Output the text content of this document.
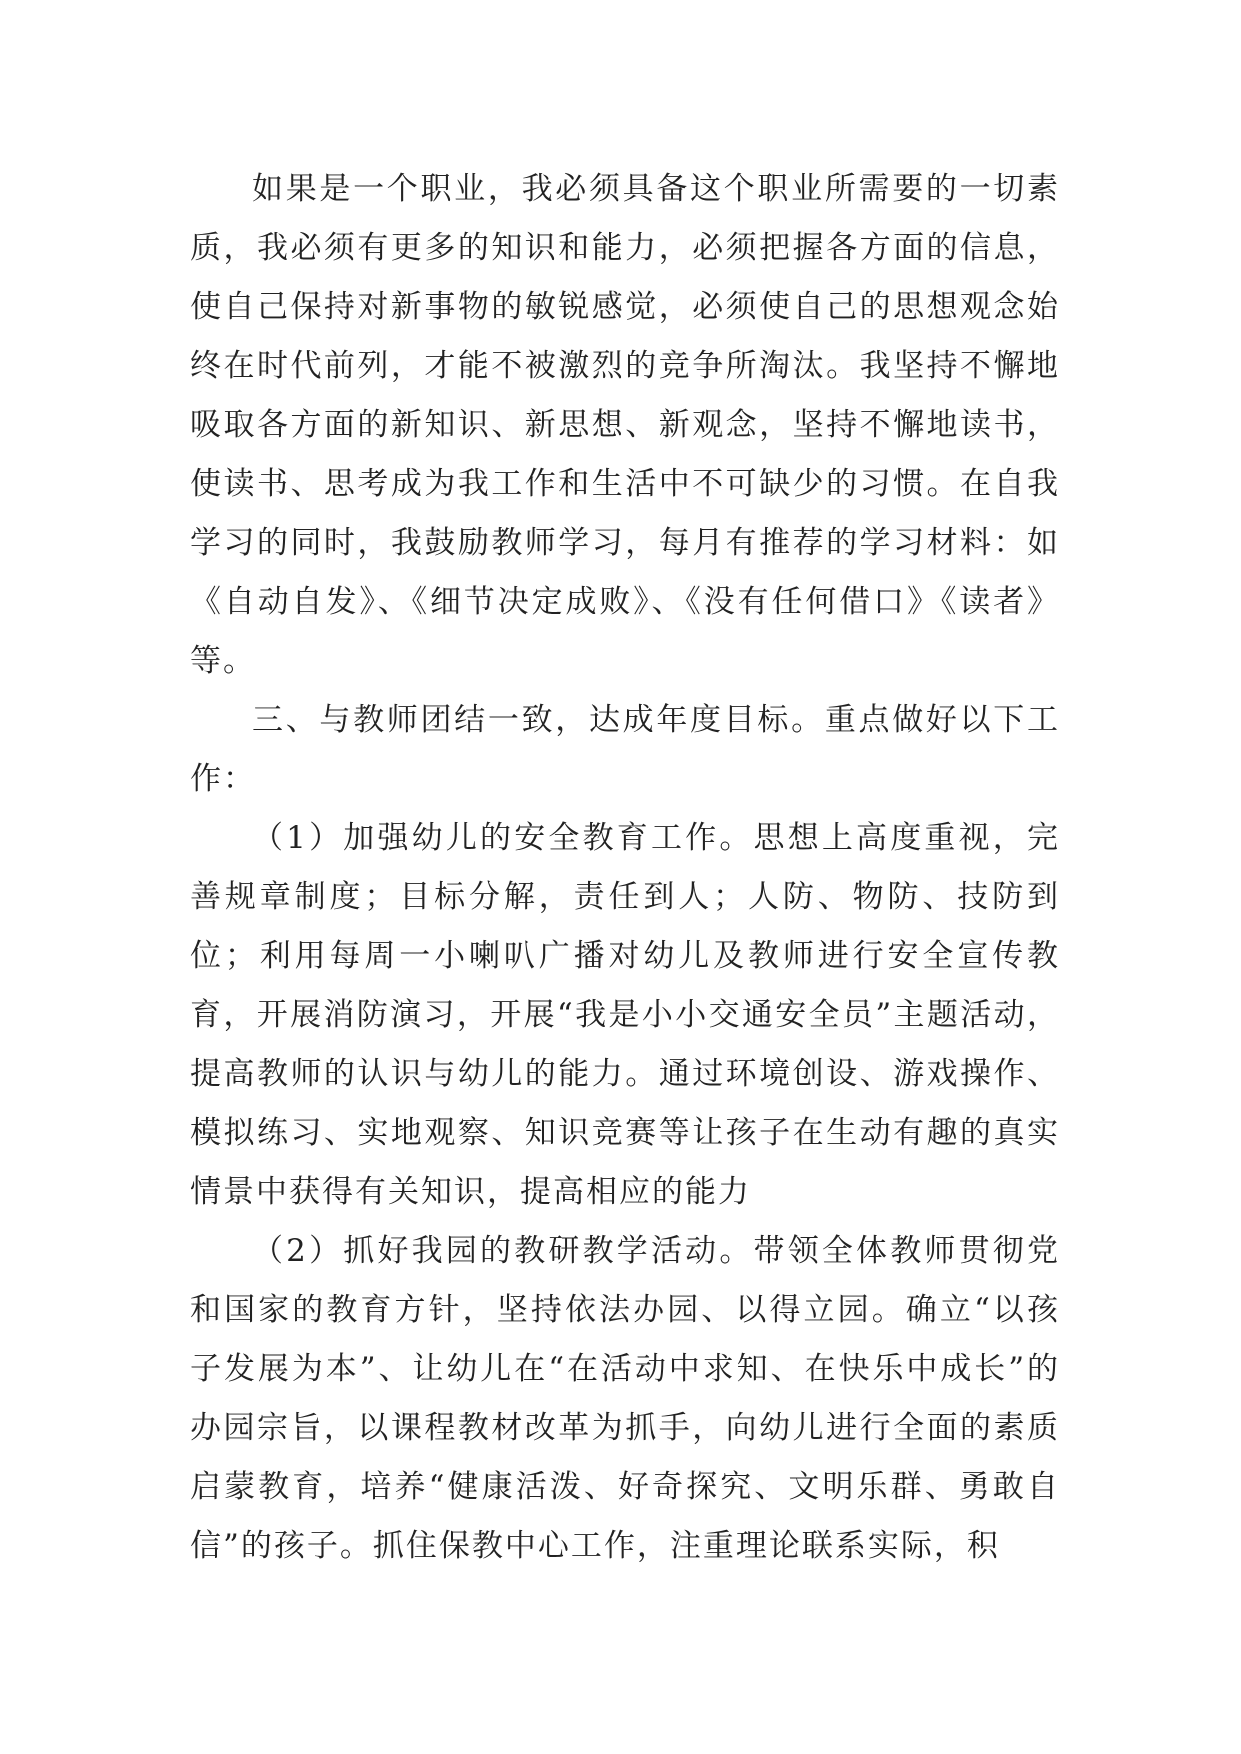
如果是一个职业，我必须具备这个职业所需要的一切素质，我必须有更多的知识和能力，必须把握各方面的信息，使自己保持对新事物的敏锐感觉，必须使自己的思想观念始终在时代前列，才能不被激烈的竞争所淘汰。我坚持不懈地吸取各方面的新知识、新思想、新观念，坚持不懈地读书，使读书、思考成为我工作和生活中不可缺少的习惯。在自我学习的同时，我鼓励教师学习，每月有推荐的学习材料：如《自动自发》、《细节决定成败》、《没有任何借口》《读者》等。

三、与教师团结一致，达成年度目标。重点做好以下工作：

（1）加强幼儿的安全教育工作。思想上高度重视，完善规章制度；目标分解，责任到人；人防、物防、技防到位；利用每周一小喇叭广播对幼儿及教师进行安全宣传教育，开展消防演习，开展“我是小小交通安全员”主题活动，提高教师的认识与幼儿的能力。通过环境创设、游戏操作、模拟练习、实地观察、知识竞赛等让孩子在生动有趣的真实情景中获得有关知识，提高相应的能力

（2）抓好我园的教研教学活动。带领全体教师贯彻党和国家的教育方针，坚持依法办园、以得立园。确立“以孩子发展为本”、让幼儿在“在活动中求知、在快乐中成长”的办园宗旨，以课程教材改革为抓手，向幼儿进行全面的素质启蒙教育，培养“健康活泼、好奇探究、文明乐群、勇敢自信”的孩子。抓住保教中心工作，注重理论联系实际，积
